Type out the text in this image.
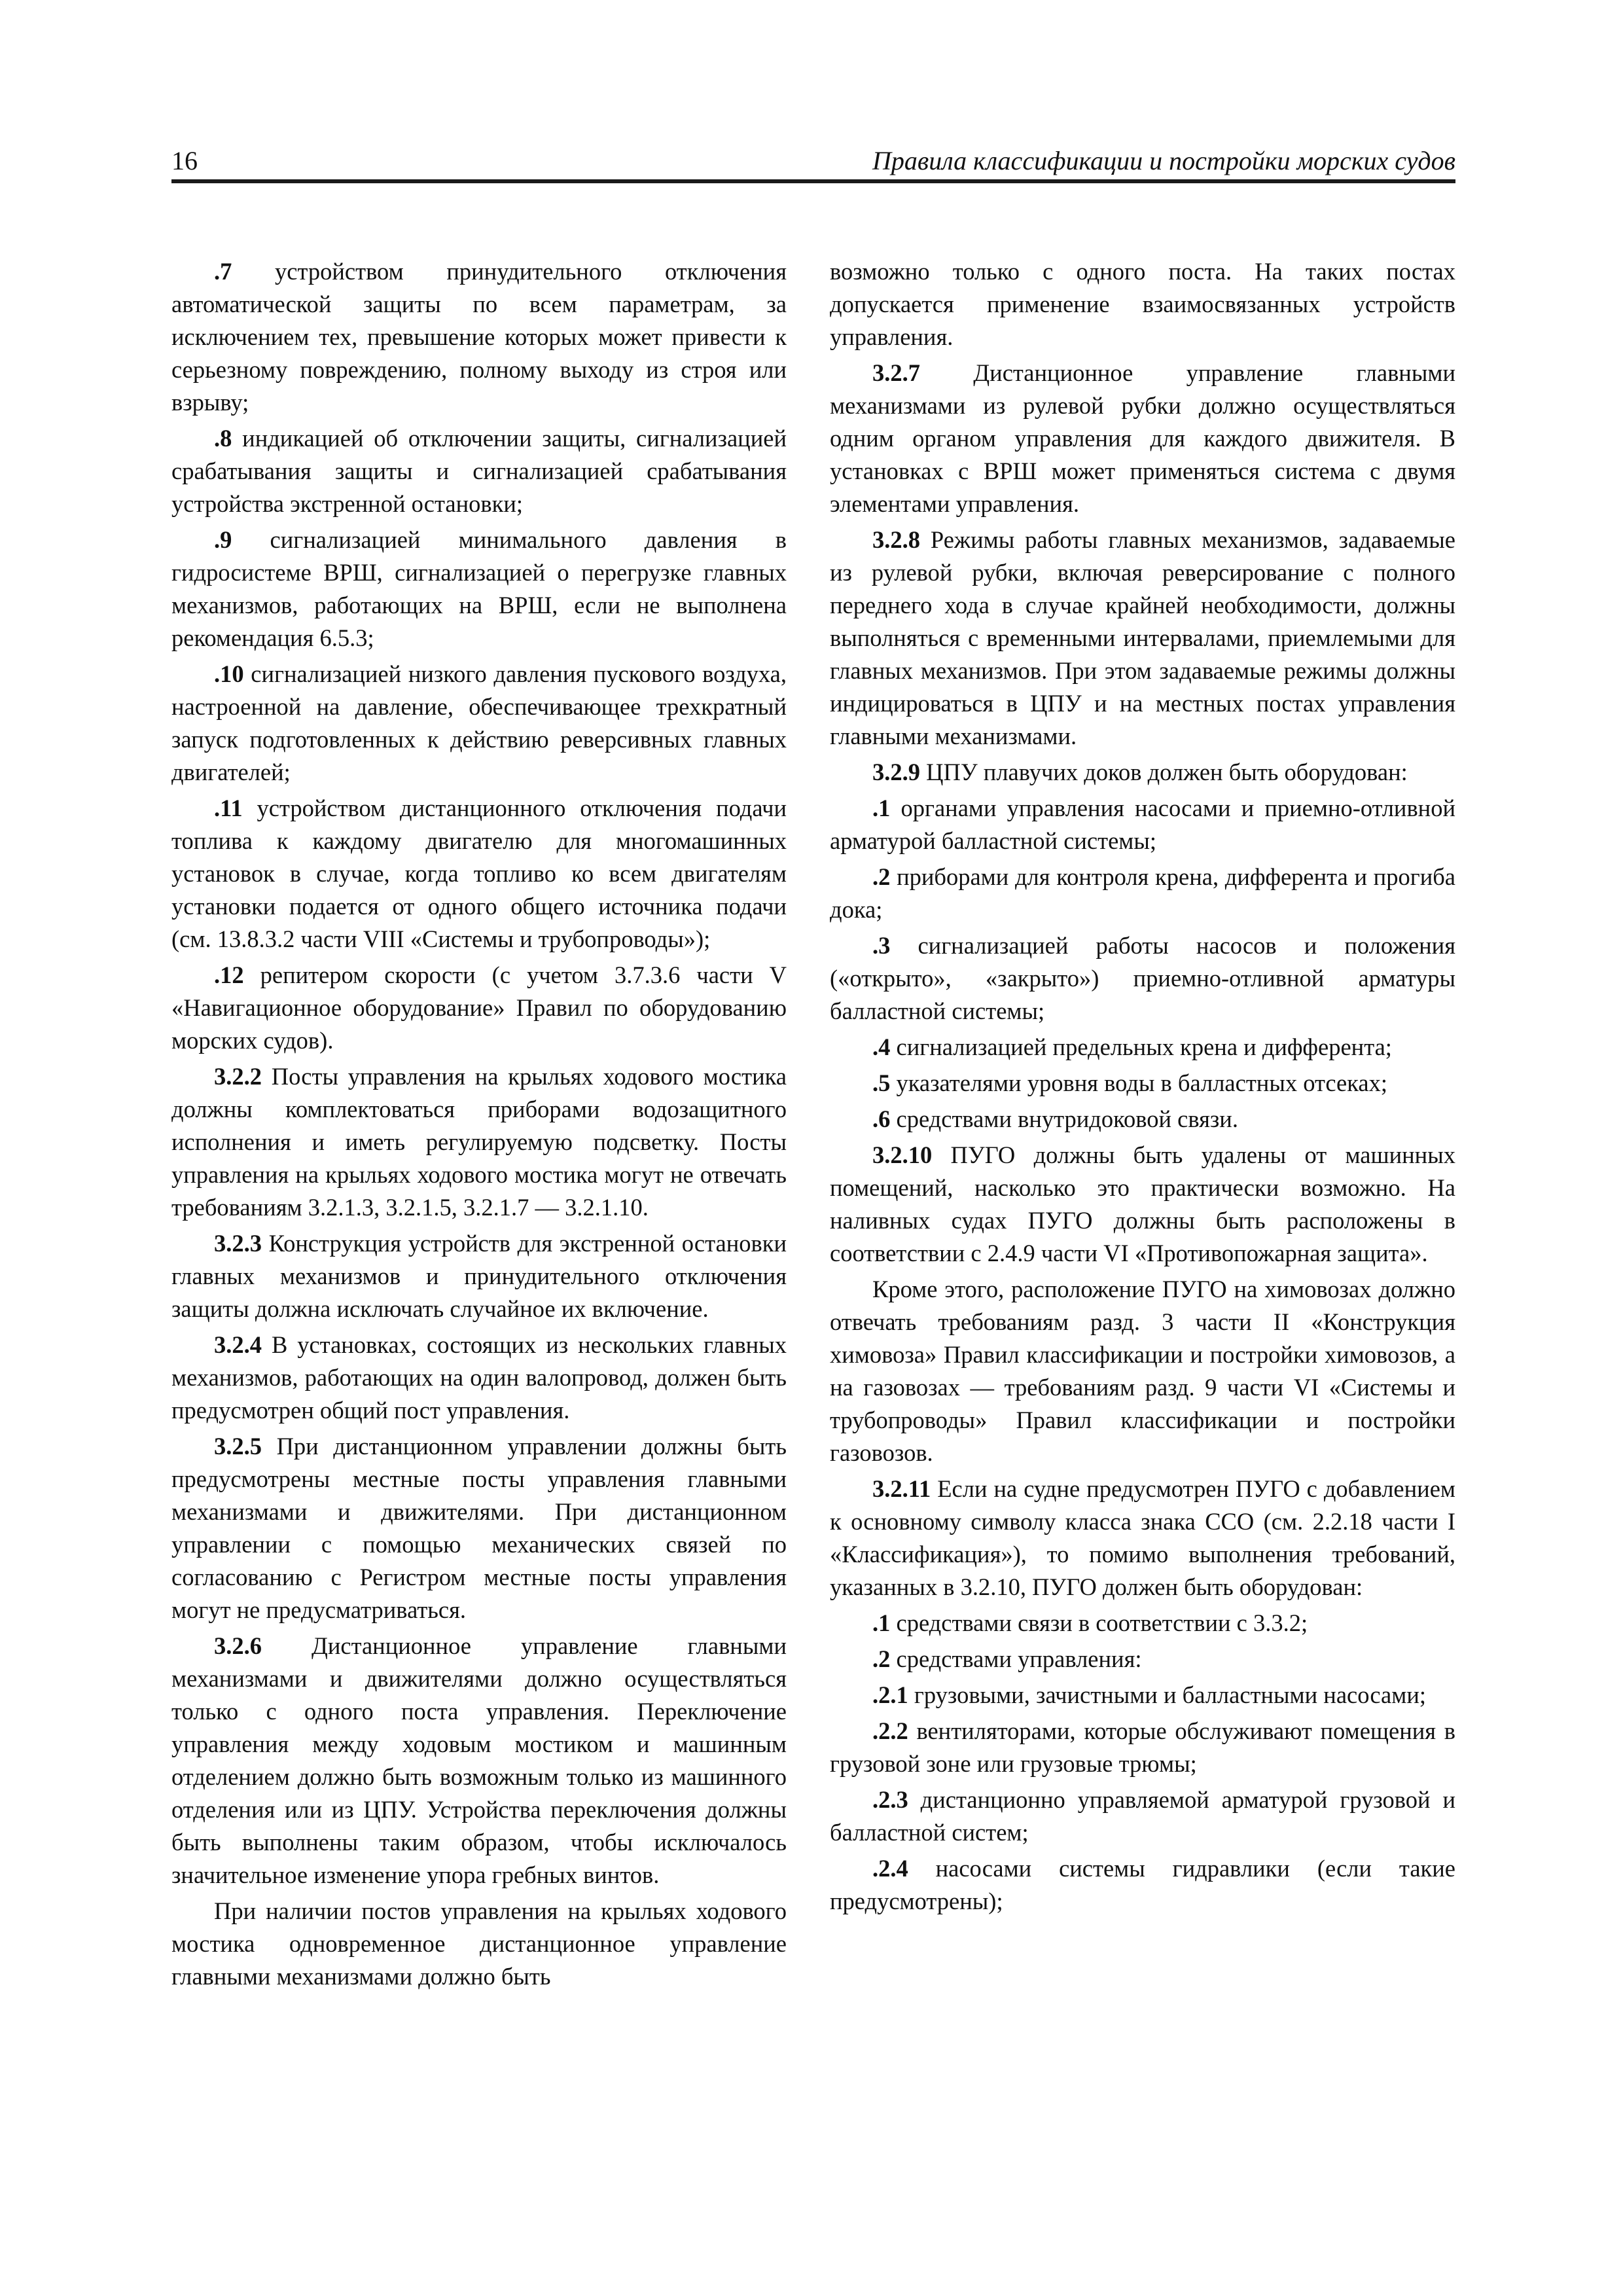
16	Правила классификации и постройки морских судов

.7 устройством принудительного отключения автоматической защиты по всем параметрам, за исключением тех, превышение которых может привести к серьезному повреждению, полному выходу из строя или взрыву;

.8 индикацией об отключении защиты, сигнализацией срабатывания защиты и сигнализацией срабатывания устройства экстренной остановки;

.9 сигнализацией минимального давления в гидросистеме ВРШ, сигнализацией о перегрузке главных механизмов, работающих на ВРШ, если не выполнена рекомендация 6.5.3;

.10 сигнализацией низкого давления пускового воздуха, настроенной на давление, обеспечивающее трехкратный запуск подготовленных к действию реверсивных главных двигателей;

.11 устройством дистанционного отключения подачи топлива к каждому двигателю для многомашинных установок в случае, когда топливо ко всем двигателям установки подается от одного общего источника подачи (см. 13.8.3.2 части VIII «Системы и трубопроводы»);

.12 репитером скорости (с учетом 3.7.3.6 части V «Навигационное оборудование» Правил по оборудованию морских судов).

3.2.2 Посты управления на крыльях ходового мостика должны комплектоваться приборами водозащитного исполнения и иметь регулируемую подсветку. Посты управления на крыльях ходового мостика могут не отвечать требованиям 3.2.1.3, 3.2.1.5, 3.2.1.7 — 3.2.1.10.

3.2.3 Конструкция устройств для экстренной остановки главных механизмов и принудительного отключения защиты должна исключать случайное их включение.

3.2.4 В установках, состоящих из нескольких главных механизмов, работающих на один валопровод, должен быть предусмотрен общий пост управления.

3.2.5 При дистанционном управлении должны быть предусмотрены местные посты управления главными механизмами и движителями. При дистанционном управлении с помощью механических связей по согласованию с Регистром местные посты управления могут не предусматриваться.

3.2.6 Дистанционное управление главными механизмами и движителями должно осуществляться только с одного поста управления. Переключение управления между ходовым мостиком и машинным отделением должно быть возможным только из машинного отделения или из ЦПУ. Устройства переключения должны быть выполнены таким образом, чтобы исключалось значительное изменение упора гребных винтов.

При наличии постов управления на крыльях ходового мостика одновременное дистанционное управление главными механизмами должно быть

возможно только с одного поста. На таких постах допускается применение взаимосвязанных устройств управления.

3.2.7 Дистанционное управление главными механизмами из рулевой рубки должно осуществляться одним органом управления для каждого движителя. В установках с ВРШ может применяться система с двумя элементами управления.

3.2.8 Режимы работы главных механизмов, задаваемые из рулевой рубки, включая реверсирование с полного переднего хода в случае крайней необходимости, должны выполняться с временными интервалами, приемлемыми для главных механизмов. При этом задаваемые режимы должны индицироваться в ЦПУ и на местных постах управления главными механизмами.

3.2.9 ЦПУ плавучих доков должен быть оборудован:

.1 органами управления насосами и приемно-отливной арматурой балластной системы;

.2 приборами для контроля крена, дифферента и прогиба дока;

.3 сигнализацией работы насосов и положения («открыто», «закрыто») приемно-отливной арматуры балластной системы;

.4 сигнализацией предельных крена и дифферента;

.5 указателями уровня воды в балластных отсеках;

.6 средствами внутридоковой связи.

3.2.10 ПУГО должны быть удалены от машинных помещений, насколько это практически возможно. На наливных судах ПУГО должны быть расположены в соответствии с 2.4.9 части VI «Противопожарная защита».

Кроме этого, расположение ПУГО на химовозах должно отвечать требованиям разд. 3 части II «Конструкция химовоза» Правил классификации и постройки химовозов, а на газовозах — требованиям разд. 9 части VI «Системы и трубопроводы» Правил классификации и постройки газовозов.

3.2.11 Если на судне предусмотрен ПУГО с добавлением к основному символу класса знака CCO (см. 2.2.18 части I «Классификация»), то помимо выполнения требований, указанных в 3.2.10, ПУГО должен быть оборудован:

.1 средствами связи в соответствии с 3.3.2;

.2 средствами управления:

.2.1 грузовыми, зачистными и балластными насосами;

.2.2 вентиляторами, которые обслуживают помещения в грузовой зоне или грузовые трюмы;

.2.3 дистанционно управляемой арматурой грузовой и балластной систем;

.2.4 насосами системы гидравлики (если такие предусмотрены);
